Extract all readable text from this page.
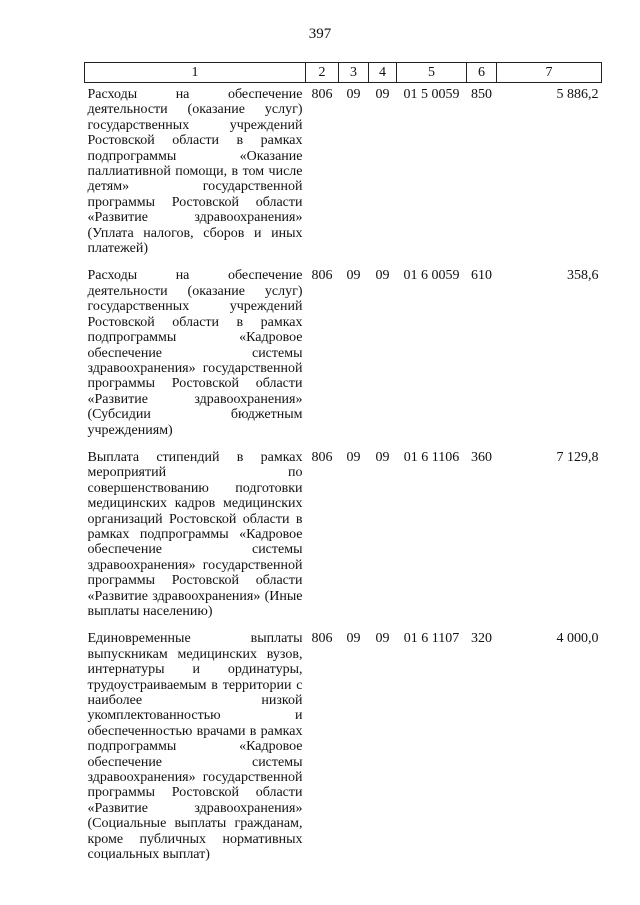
397
1	2	3	4	5	6	7
Расходы на обеспечение деятельности (оказание услуг) государственных учреждений Ростовской области в рамках подпрограммы «Оказание паллиативной помощи, в том числе детям» государственной программы Ростовской области «Развитие здравоохранения» (Уплата налогов, сборов и иных платежей)	806	09	09	01 5 0059	850	5 886,2
Расходы на обеспечение деятельности (оказание услуг) государственных учреждений Ростовской области в рамках подпрограммы «Кадровое обеспечение системы здравоохранения» государственной программы Ростовской области «Развитие здравоохранения» (Субсидии бюджетным учреждениям)	806	09	09	01 6 0059	610	358,6
Выплата стипендий в рамках мероприятий по совершенствованию подготовки медицинских кадров медицинских организаций Ростовской области в рамках подпрограммы «Кадровое обеспечение системы здравоохранения» государственной программы Ростовской области «Развитие здравоохранения» (Иные выплаты населению)	806	09	09	01 6 1106	360	7 129,8
Единовременные выплаты выпускникам медицинских вузов, интернатуры и ординатуры, трудоустраиваемым в территории с наиболее низкой укомплектованностью и обеспеченностью врачами в рамках подпрограммы «Кадровое обеспечение системы здравоохранения» государственной программы Ростовской области «Развитие здравоохранения» (Социальные выплаты гражданам, кроме публичных нормативных социальных выплат)	806	09	09	01 6 1107	320	4 000,0
